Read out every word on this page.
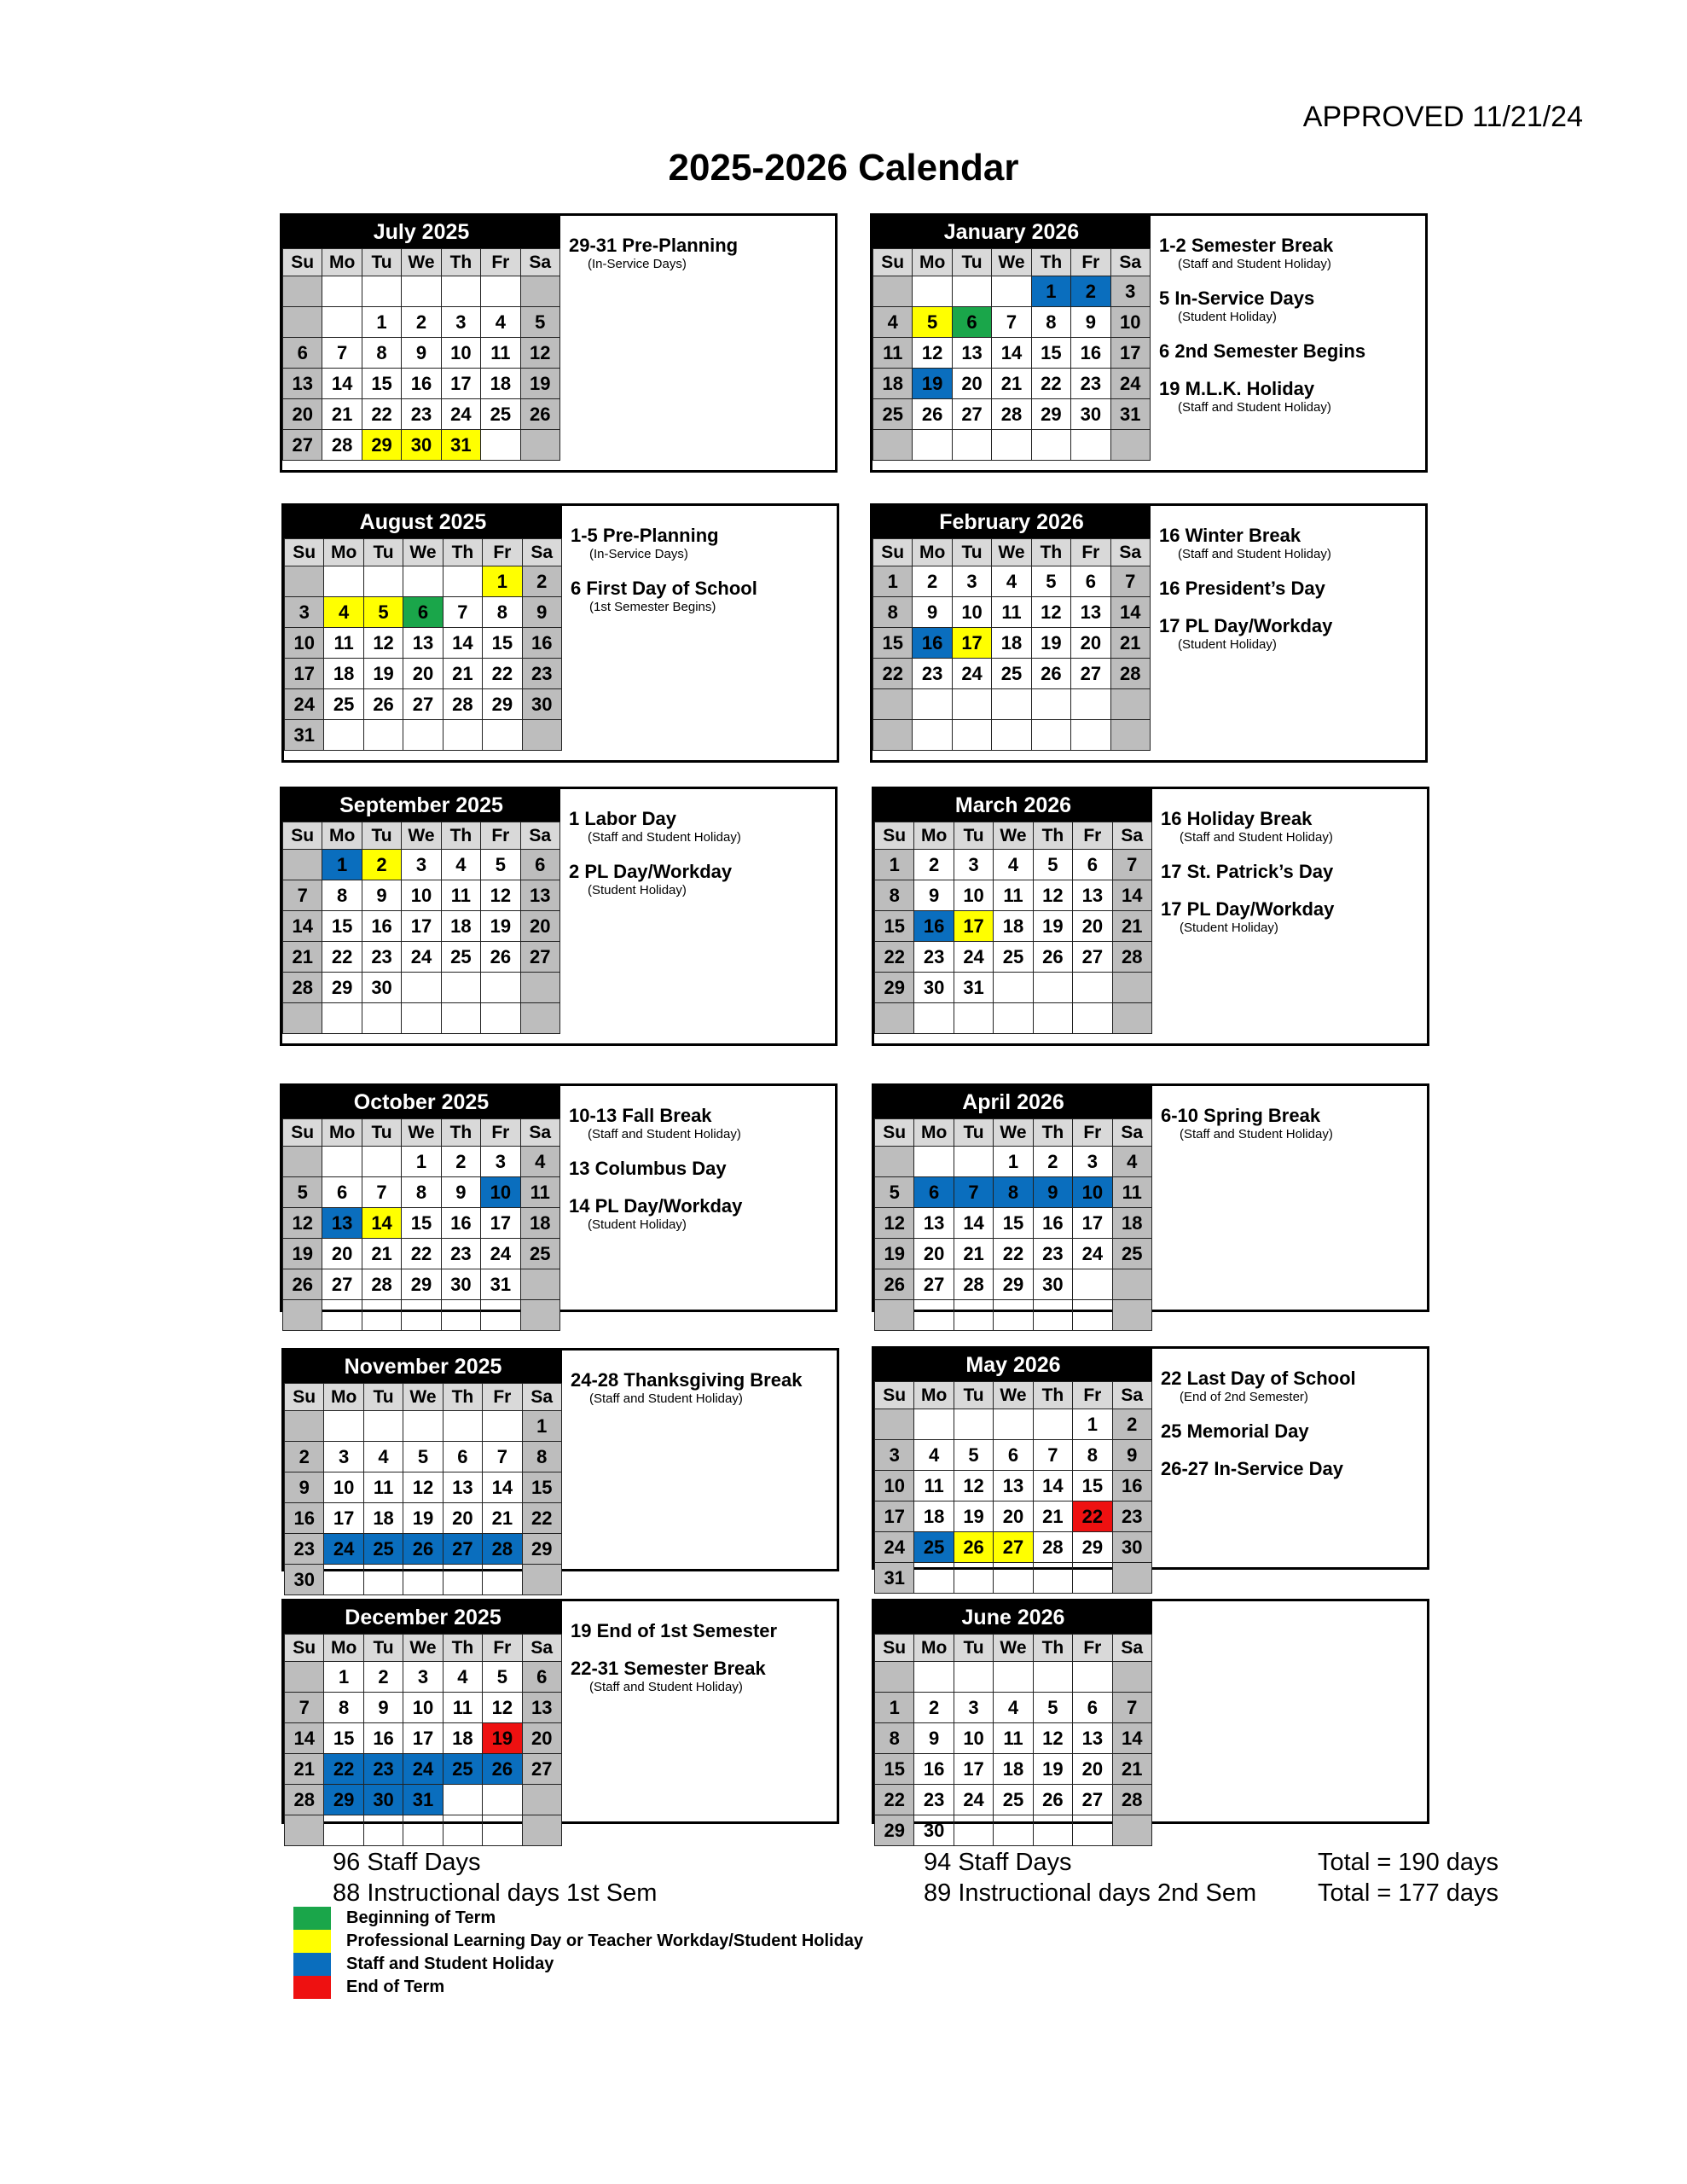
APPROVED 11/21/24
2025-2026 Calendar
July 2025
Su	Mo	Tu	We	Th	Fr	Sa

		1	2	3	4	5
6	7	8	9	10	11	12
13	14	15	16	17	18	19
20	21	22	23	24	25	26
27	28	29	30	31		
29-31 Pre-Planning
(In-Service Days)
January 2026
Su	Mo	Tu	We	Th	Fr	Sa
				1	2	3
4	5	6	7	8	9	10
11	12	13	14	15	16	17
18	19	20	21	22	23	24
25	26	27	28	29	30	31

1-2 Semester Break
(Staff and Student Holiday)
5 In-Service Days
(Student Holiday)
6 2nd Semester Begins
19 M.L.K. Holiday
(Staff and Student Holiday)
August 2025
Su	Mo	Tu	We	Th	Fr	Sa
					1	2
3	4	5	6	7	8	9
10	11	12	13	14	15	16
17	18	19	20	21	22	23
24	25	26	27	28	29	30
31						
1-5 Pre-Planning
(In-Service Days)
6 First Day of School
(1st Semester Begins)
February 2026
Su	Mo	Tu	We	Th	Fr	Sa
1	2	3	4	5	6	7
8	9	10	11	12	13	14
15	16	17	18	19	20	21
22	23	24	25	26	27	28

16 Winter Break
(Staff and Student Holiday)
16 President’s Day
17 PL Day/Workday
(Student Holiday)
September 2025
Su	Mo	Tu	We	Th	Fr	Sa
	1	2	3	4	5	6
7	8	9	10	11	12	13
14	15	16	17	18	19	20
21	22	23	24	25	26	27
28	29	30				

1 Labor Day
(Staff and Student Holiday)
2 PL Day/Workday
(Student Holiday)
March 2026
Su	Mo	Tu	We	Th	Fr	Sa
1	2	3	4	5	6	7
8	9	10	11	12	13	14
15	16	17	18	19	20	21
22	23	24	25	26	27	28
29	30	31				

16 Holiday Break
(Staff and Student Holiday)
17 St. Patrick’s Day
17 PL Day/Workday
(Student Holiday)
October 2025
Su	Mo	Tu	We	Th	Fr	Sa
			1	2	3	4
5	6	7	8	9	10	11
12	13	14	15	16	17	18
19	20	21	22	23	24	25
26	27	28	29	30	31	

10-13 Fall Break
(Staff and Student Holiday)
13 Columbus Day
14 PL Day/Workday
(Student Holiday)
April 2026
Su	Mo	Tu	We	Th	Fr	Sa
			1	2	3	4
5	6	7	8	9	10	11
12	13	14	15	16	17	18
19	20	21	22	23	24	25
26	27	28	29	30		

6-10 Spring Break
(Staff and Student Holiday)
November 2025
Su	Mo	Tu	We	Th	Fr	Sa
						1
2	3	4	5	6	7	8
9	10	11	12	13	14	15
16	17	18	19	20	21	22
23	24	25	26	27	28	29
30						
24-28 Thanksgiving Break
(Staff and Student Holiday)
May 2026
Su	Mo	Tu	We	Th	Fr	Sa
					1	2
3	4	5	6	7	8	9
10	11	12	13	14	15	16
17	18	19	20	21	22	23
24	25	26	27	28	29	30
31						
22 Last Day of School
(End of 2nd Semester)
25 Memorial Day
26-27 In-Service Day
December 2025
Su	Mo	Tu	We	Th	Fr	Sa
	1	2	3	4	5	6
7	8	9	10	11	12	13
14	15	16	17	18	19	20
21	22	23	24	25	26	27
28	29	30	31			

19 End of 1st Semester
22-31 Semester Break
(Staff and Student Holiday)
June 2026
Su	Mo	Tu	We	Th	Fr	Sa

1	2	3	4	5	6	7
8	9	10	11	12	13	14
15	16	17	18	19	20	21
22	23	24	25	26	27	28
29	30					
96 Staff Days
88 Instructional days 1st Sem
94 Staff Days
89 Instructional days 2nd Sem
Total = 190 days
Total = 177 days
Beginning of Term
Professional Learning Day or Teacher Workday/Student Holiday
Staff and Student Holiday
End of Term
